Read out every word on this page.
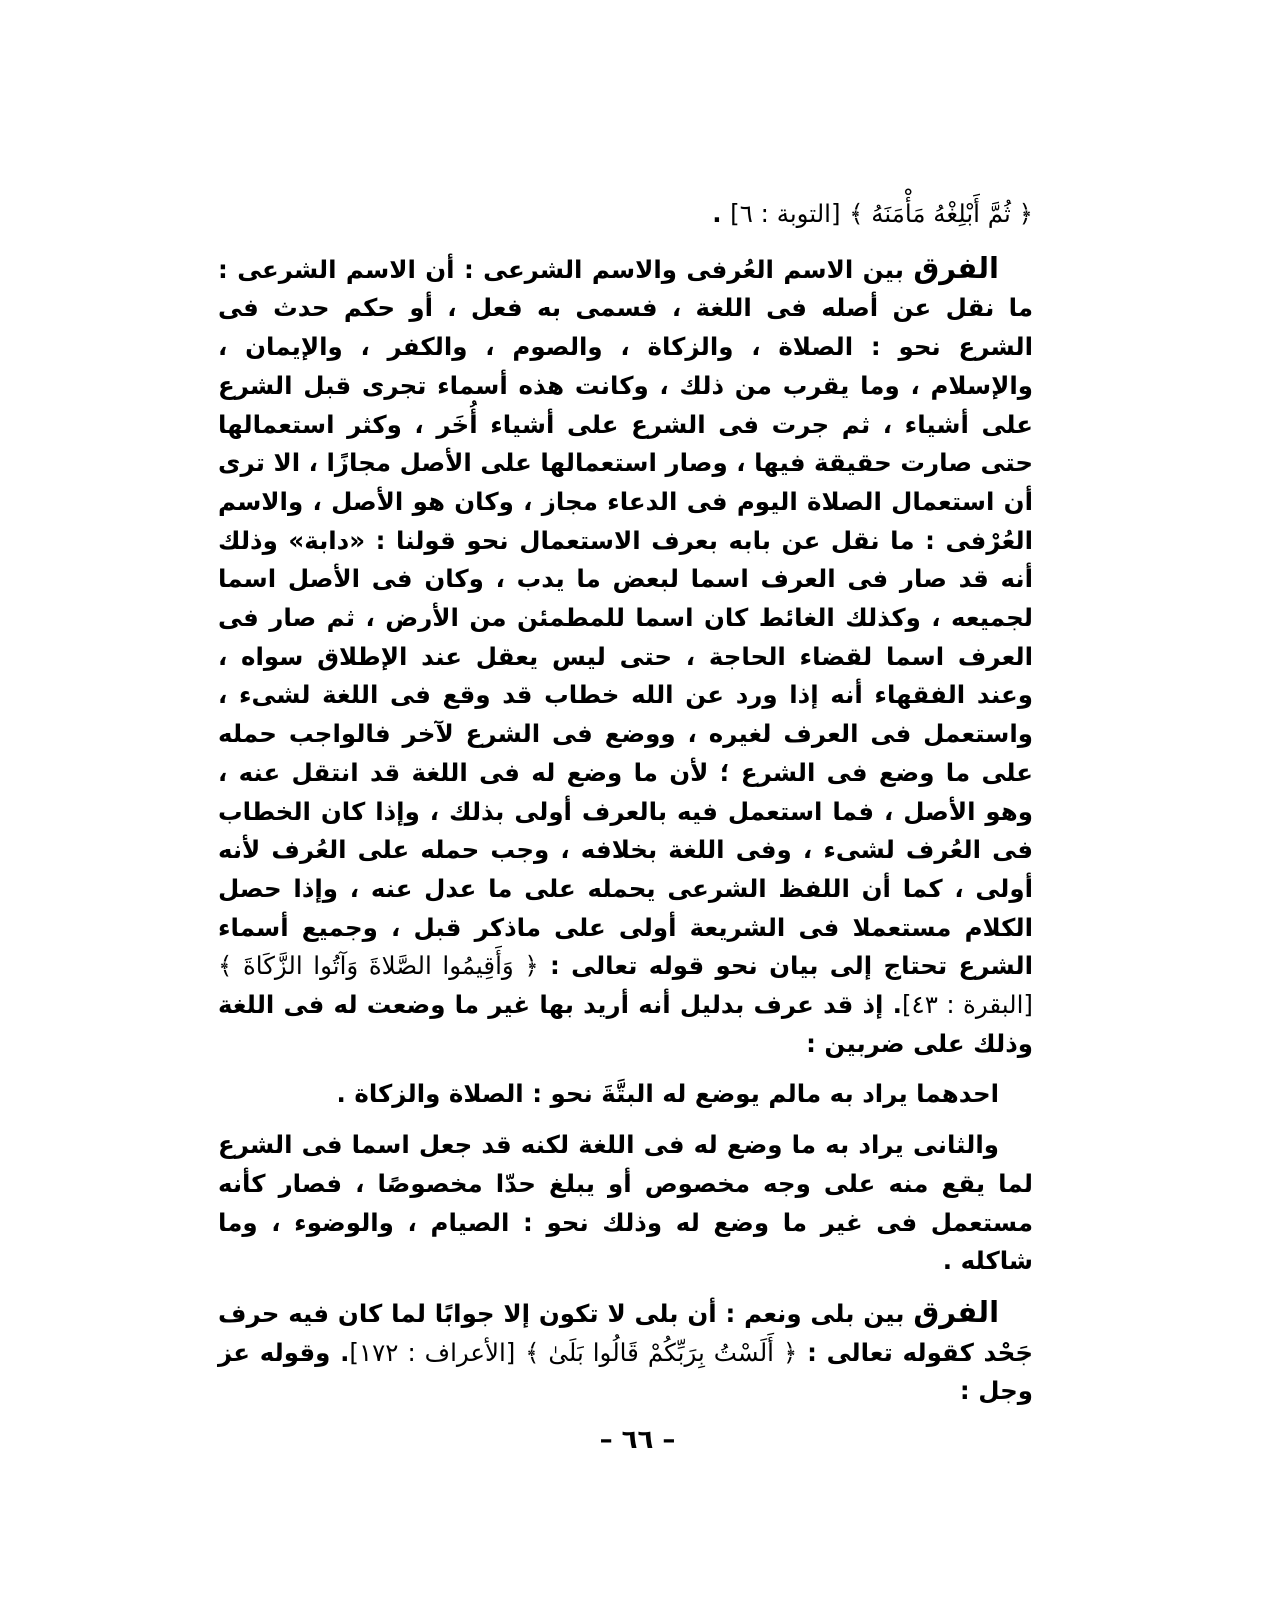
﴿ ثُمَّ أَبْلِغْهُ مَأْمَنَهُ ﴾ [التوبة : ٦] .

الفرق بين الاسم العُرفى والاسم الشرعى : أن الاسم الشرعى : ما نقل عن أصله فى اللغة ، فسمى به فعل ، أو حكم حدث فى الشرع نحو : الصلاة ، والزكاة ، والصوم ، والكفر ، والإيمان ، والإسلام ، وما يقرب من ذلك ، وكانت هذه أسماء تجرى قبل الشرع على أشياء ، ثم جرت فى الشرع على أشياء أُخَر ، وكثر استعمالها حتى صارت حقيقة فيها ، وصار استعمالها على الأصل مجازًا ، الا ترى أن استعمال الصلاة اليوم فى الدعاء مجاز ، وكان هو الأصل ، والاسم العُرْفى : ما نقل عن بابه بعرف الاستعمال نحو قولنا : «دابة» وذلك أنه قد صار فى العرف اسما لبعض ما يدب ، وكان فى الأصل اسما لجميعه ، وكذلك الغائط كان اسما للمطمئن من الأرض ، ثم صار فى العرف اسما لقضاء الحاجة ، حتى ليس يعقل عند الإطلاق سواه ، وعند الفقهاء أنه إذا ورد عن الله خطاب قد وقع فى اللغة لشىء ، واستعمل فى العرف لغيره ، ووضع فى الشرع لآخر فالواجب حمله على ما وضع فى الشرع ؛ لأن ما وضع له فى اللغة قد انتقل عنه ، وهو الأصل ، فما استعمل فيه بالعرف أولى بذلك ، وإذا كان الخطاب فى العُرف لشىء ، وفى اللغة بخلافه ، وجب حمله على العُرف لأنه أولى ، كما أن اللفظ الشرعى يحمله على ما عدل عنه ، وإذا حصل الكلام مستعملا فى الشريعة أولى على ماذكر قبل ، وجميع أسماء الشرع تحتاج إلى بيان نحو قوله تعالى : ﴿ وَأَقِيمُوا الصَّلاةَ وَآتُوا الزَّكَاةَ ﴾ [البقرة : ٤٣]. إذ قد عرف بدليل أنه أريد بها غير ما وضعت له فى اللغة وذلك على ضربين :

احدهما يراد به مالم يوضع له البتَّةَ نحو : الصلاة والزكاة .

والثانى يراد به ما وضع له فى اللغة لكنه قد جعل اسما فى الشرع لما يقع منه على وجه مخصوص أو يبلغ حدّا مخصوصًا ، فصار كأنه مستعمل فى غير ما وضع له وذلك نحو : الصيام ، والوضوء ، وما شاكله .

الفرق بين بلى ونعم : أن بلى لا تكون إلا جوابًا لما كان فيه حرف جَحْد كقوله تعالى : ﴿ أَلَسْتُ بِرَبِّكُمْ قَالُوا بَلَىٰ ﴾ [الأعراف : ١٧٢]. وقوله عز وجل :

– ٦٦ –
